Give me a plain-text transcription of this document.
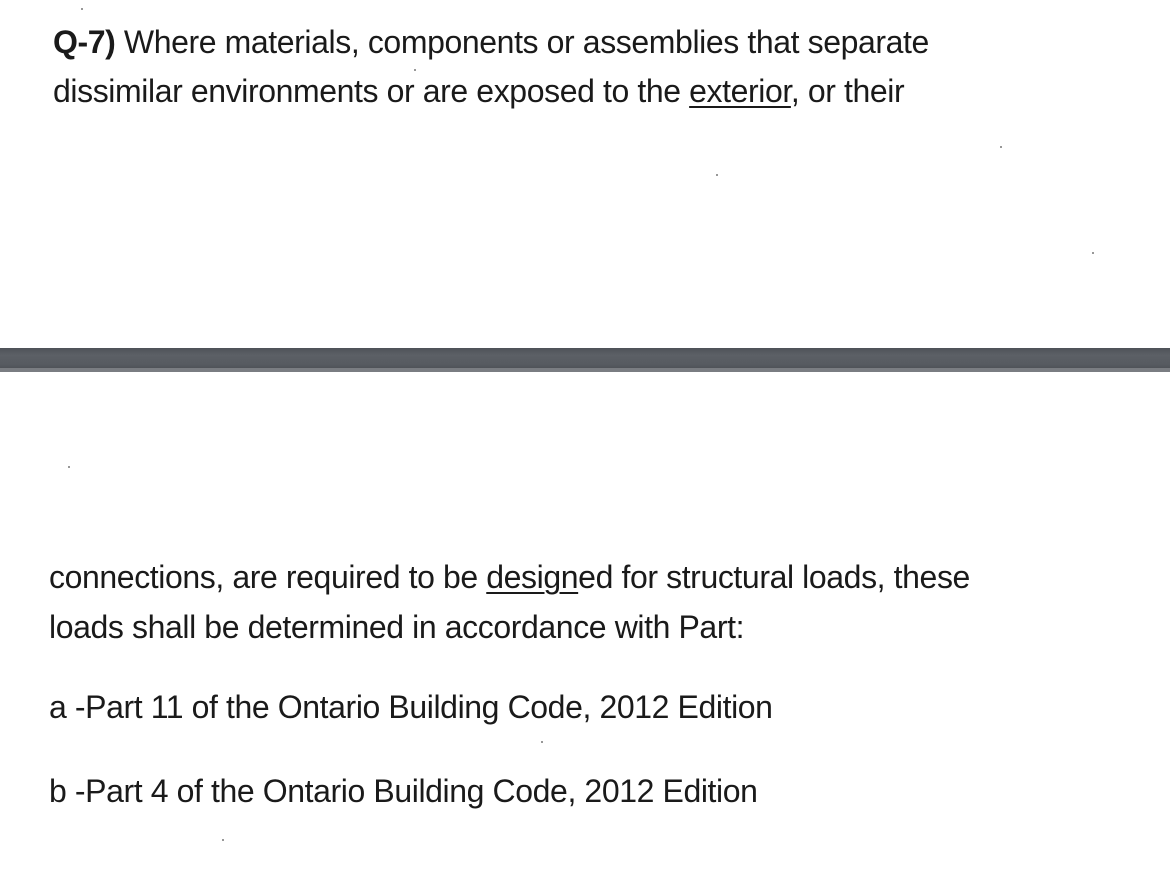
Q-7) Where materials, components or assemblies that separate
dissimilar environments or are exposed to the exterior, or their
connections, are required to be designed for structural loads, these
loads shall be determined in accordance with Part:
a -Part 11 of the Ontario Building Code, 2012 Edition
b -Part 4 of the Ontario Building Code, 2012 Edition
